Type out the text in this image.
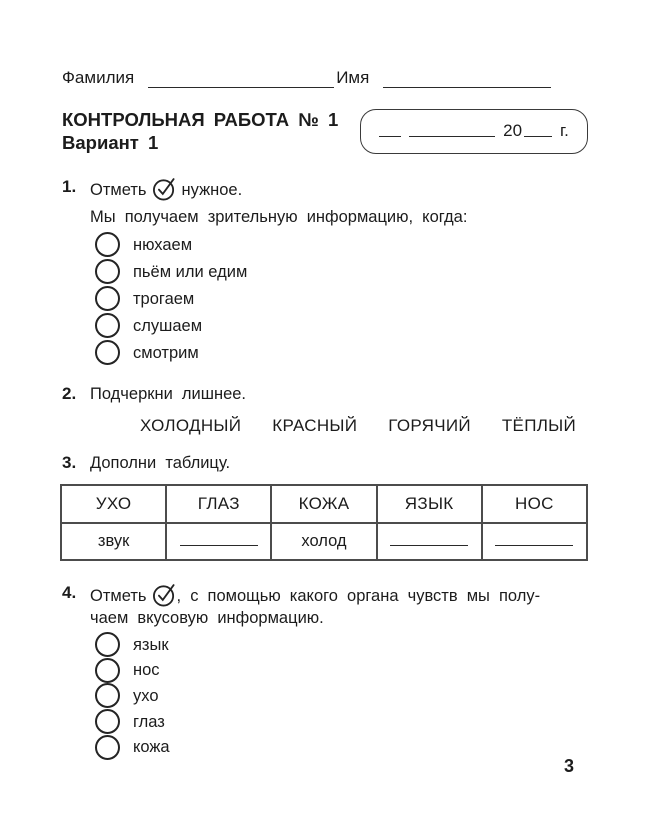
Фамилия	Имя
КОНТРОЛЬНАЯ РАБОТА № 1
Вариант 1
20 г.
1. Отметь нужное.
Мы получаем зрительную информацию, когда:
нюхаем
пьём или едим
трогаем
слушаем
смотрим
2. Подчеркни лишнее.
ХОЛОДНЫЙ КРАСНЫЙ ГОРЯЧИЙ ТЁПЛЫЙ
3. Дополни таблицу.
УХО	ГЛАЗ	КОЖА	ЯЗЫК	НОС
звук		холод		
4. Отметь , с помощью какого органа чувств мы полу-
чаем вкусовую информацию.
язык
нос
ухо
глаз
кожа
3
